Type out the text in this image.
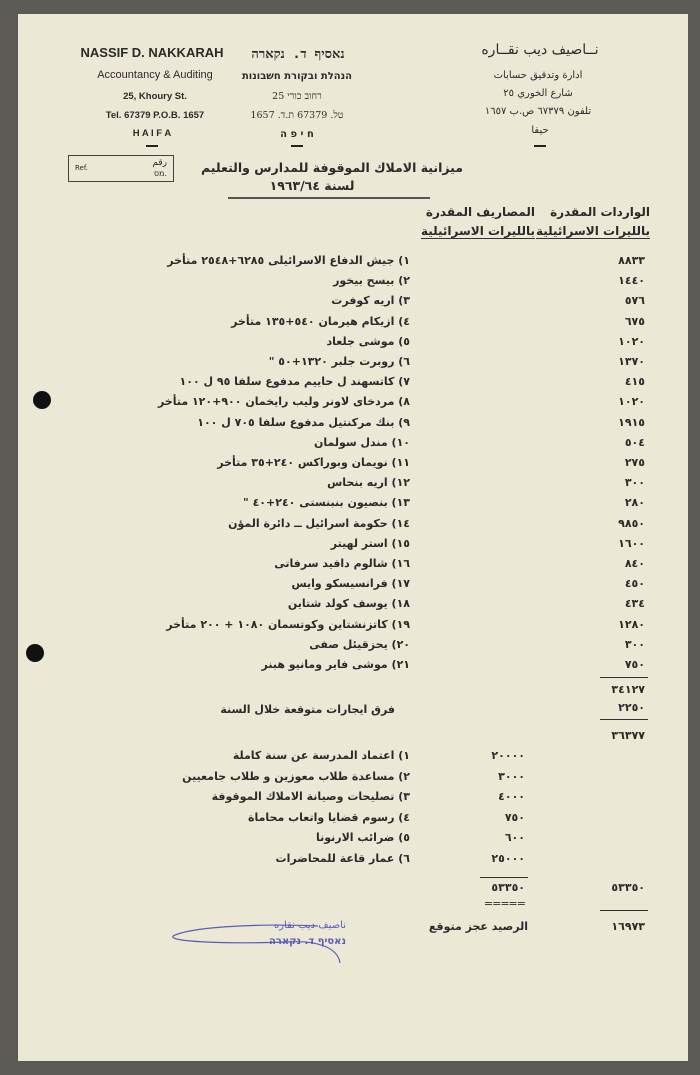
NASSIF D. NAKKARAH
Accountancy & Auditing
25, Khoury St.
Tel. 67379 P.O.B. 1657
H A I F A
נאסיף ד. נקארה
הנהלת ובקורת חשבונות
רחוב כורי 25
טל. 67379 ת.ד. 1657
ח י פ ה
نــاصيف ديب نقــاره
ادارة وتدقيق حسابات
شارع الخوري ٢٥
تلفون ٦٧٣٧٩ ص.ب ١٦٥٧
حيفا
Ref.	رقم
מס.	ميزانية الاملاك الموقوفة للمدارس والتعليم
لسنة ١٩٦٣/٦٤
الواردات المقدرة
بالليرات الاسرائيلية
المصاريف المقدرة
بالليرات الاسرائيلية
١) جيش الدفاع الاسرائيلى ٦٢٨٥+٢٥٤٨ متأخر	٨٨٣٣
٢) بيسح بيخور	١٤٤٠
٣) اريه كوفرت	٥٧٦
٤) ازيكام هيرمان ٥٤٠+١٣٥ متأخر	٦٧٥
٥) موشى جلعاد	١٠٢٠
٦) روبرت جلبر ١٣٢٠+٥٠ "	١٣٧٠
٧) كاتسهند ل حاييم مدفوع سلفا ٩٥ ل ١٠٠	٤١٥
٨) مردخاى لاونر وليب رايخمان ٩٠٠+١٢٠ متأخر	١٠٢٠
٩) بنك مركنتيل مدفوع سلفا ٧٠٥ ل ١٠٠	١٩١٥
١٠) مندل سولمان	٥٠٤
١١) نويمان وبوراكس ٢٤٠+٣٥ متأخر	٢٧٥
١٢) اريه بنحاس	٣٠٠
١٣) بنصيون بنبنستى ٢٤٠+٤٠ "	٢٨٠
١٤) حكومة اسرائيل ــ دائرة المؤن	٩٨٥٠
١٥) استر لهيتر	١٦٠٠
١٦) شالوم دافيد سرفاتى	٨٤٠
١٧) فرانسيسكو وايس	٤٥٠
١٨) يوسف كولد شتاين	٤٣٤
١٩) كاتزنشتاين وكوتسمان ١٠٨٠ + ٢٠٠ متأخر	١٢٨٠
٢٠) يحزقيئل صفى	٣٠٠
٢١) موشى فاير ومانيو هبنر	٧٥٠
٣٤١٢٧
فرق ايجارات متوقعة خلال السنة	٢٢٥٠
٣٦٣٧٧
١) اعتماد المدرسة عن سنة كاملة	٢٠٠٠٠
٢) مساعدة طلاب معوزين و طلاب جامعيين	٣٠٠٠
٣) تصليحات وصيانة الاملاك الموقوفة	٤٠٠٠
٤) رسوم قضايا واتعاب محاماة	٧٥٠
٥) ضرائب الارنونا	٦٠٠
٦) عمار قاعة للمحاضرات	٢٥٠٠٠
٥٣٣٥٠	٥٣٣٥٠
=====
الرصيد عجز متوقع	١٦٩٧٣
ناصيف ديب نقاره
נאסיף ד. נקארה
